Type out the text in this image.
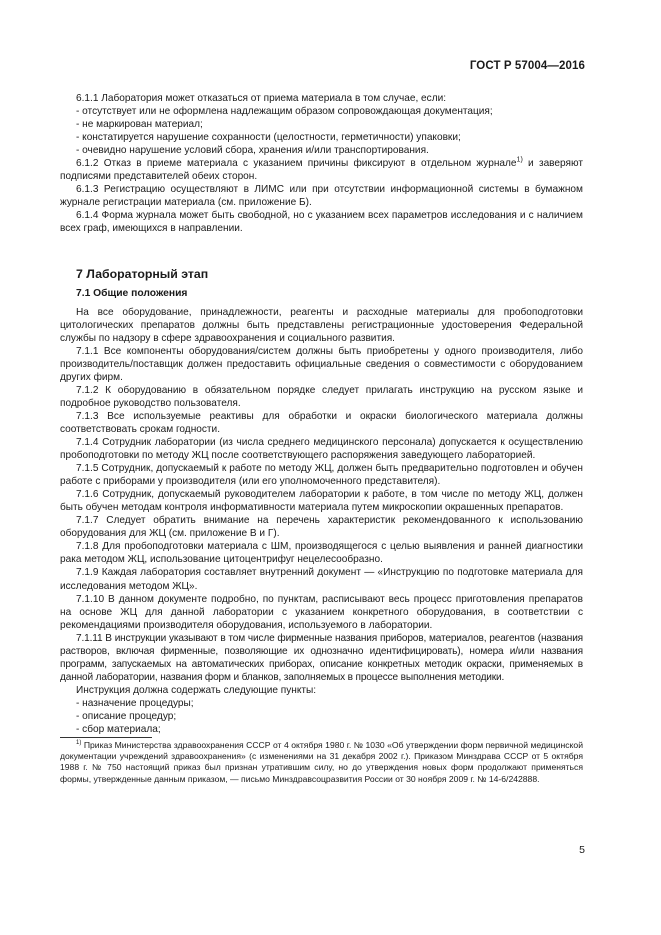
ГОСТ Р 57004—2016

6.1.1 Лаборатория может отказаться от приема материала в том случае, если:

- отсутствует или не оформлена надлежащим образом сопровождающая документация;

- не маркирован материал;

- констатируется нарушение сохранности (целостности, герметичности) упаковки;

- очевидно нарушение условий сбора, хранения и/или транспортирования.

6.1.2 Отказ в приеме материала с указанием причины фиксируют в отдельном журнале$^{1)}$ и заверяют подписями представителей обеих сторон.

6.1.3 Регистрацию осуществляют в ЛИМС или при отсутствии информационной системы в бумажном журнале регистрации материала (см. приложение Б).

6.1.4 Форма журнала может быть свободной, но с указанием всех параметров исследования и с наличием всех граф, имеющихся в направлении.

7 Лабораторный этап
7.1 Общие положения

На все оборудование, принадлежности, реагенты и расходные материалы для пробоподготовки цитологических препаратов должны быть представлены регистрационные удостоверения Федеральной службы по надзору в сфере здравоохранения и социального развития.

7.1.1 Все компоненты оборудования/систем должны быть приобретены у одного производителя, либо производитель/поставщик должен предоставить официальные сведения о совместимости с оборудованием других фирм.

7.1.2 К оборудованию в обязательном порядке следует прилагать инструкцию на русском языке и подробное руководство пользователя.

7.1.3 Все используемые реактивы для обработки и окраски биологического материала должны соответствовать срокам годности.

7.1.4 Сотрудник лаборатории (из числа среднего медицинского персонала) допускается к осуществлению пробоподготовки по методу ЖЦ после соответствующего распоряжения заведующего лабораторией.

7.1.5 Сотрудник, допускаемый к работе по методу ЖЦ, должен быть предварительно подготовлен и обучен работе с приборами у производителя (или его уполномоченного представителя).

7.1.6 Сотрудник, допускаемый руководителем лаборатории к работе, в том числе по методу ЖЦ, должен быть обучен методам контроля информативности материала путем микроскопии окрашенных препаратов.

7.1.7 Следует обратить внимание на перечень характеристик рекомендованного к использованию оборудования для ЖЦ (см. приложение В и Г).

7.1.8 Для пробоподготовки материала с ШМ, производящегося с целью выявления и ранней диагностики рака методом ЖЦ, использование цитоцентрифуг нецелесообразно.

7.1.9 Каждая лаборатория составляет внутренний документ — «Инструкцию по подготовке материала для исследования методом ЖЦ».

7.1.10 В данном документе подробно, по пунктам, расписывают весь процесс приготовления препаратов на основе ЖЦ для данной лаборатории с указанием конкретного оборудования, в соответствии с рекомендациями производителя оборудования, используемого в лаборатории.

7.1.11 В инструкции указывают в том числе фирменные названия приборов, материалов, реагентов (названия растворов, включая фирменные, позволяющие их однозначно идентифицировать), номера и/или названия программ, запускаемых на автоматических приборах, описание конкретных методик окраски, применяемых в данной лаборатории, названия форм и бланков, заполняемых в процессе выполнения методики.

Инструкция должна содержать следующие пункты:

- назначение процедуры;

- описание процедур;

- сбор материала;

$^{1)}$ Приказ Министерства здравоохранения СССР от 4 октября 1980 г. № 1030 «Об утверждении форм первичной медицинской документации учреждений здравоохранения» (с изменениями на 31 декабря 2002 г.). Приказом Минздрава СССР от 5 октября 1988 г. № 750 настоящий приказ был признан утратившим силу, но до утверждения новых форм продолжают применяться формы, утвержденные данным приказом, — письмо Минздравсоцразвития России от 30 ноября 2009 г. № 14-6/242888.

5
